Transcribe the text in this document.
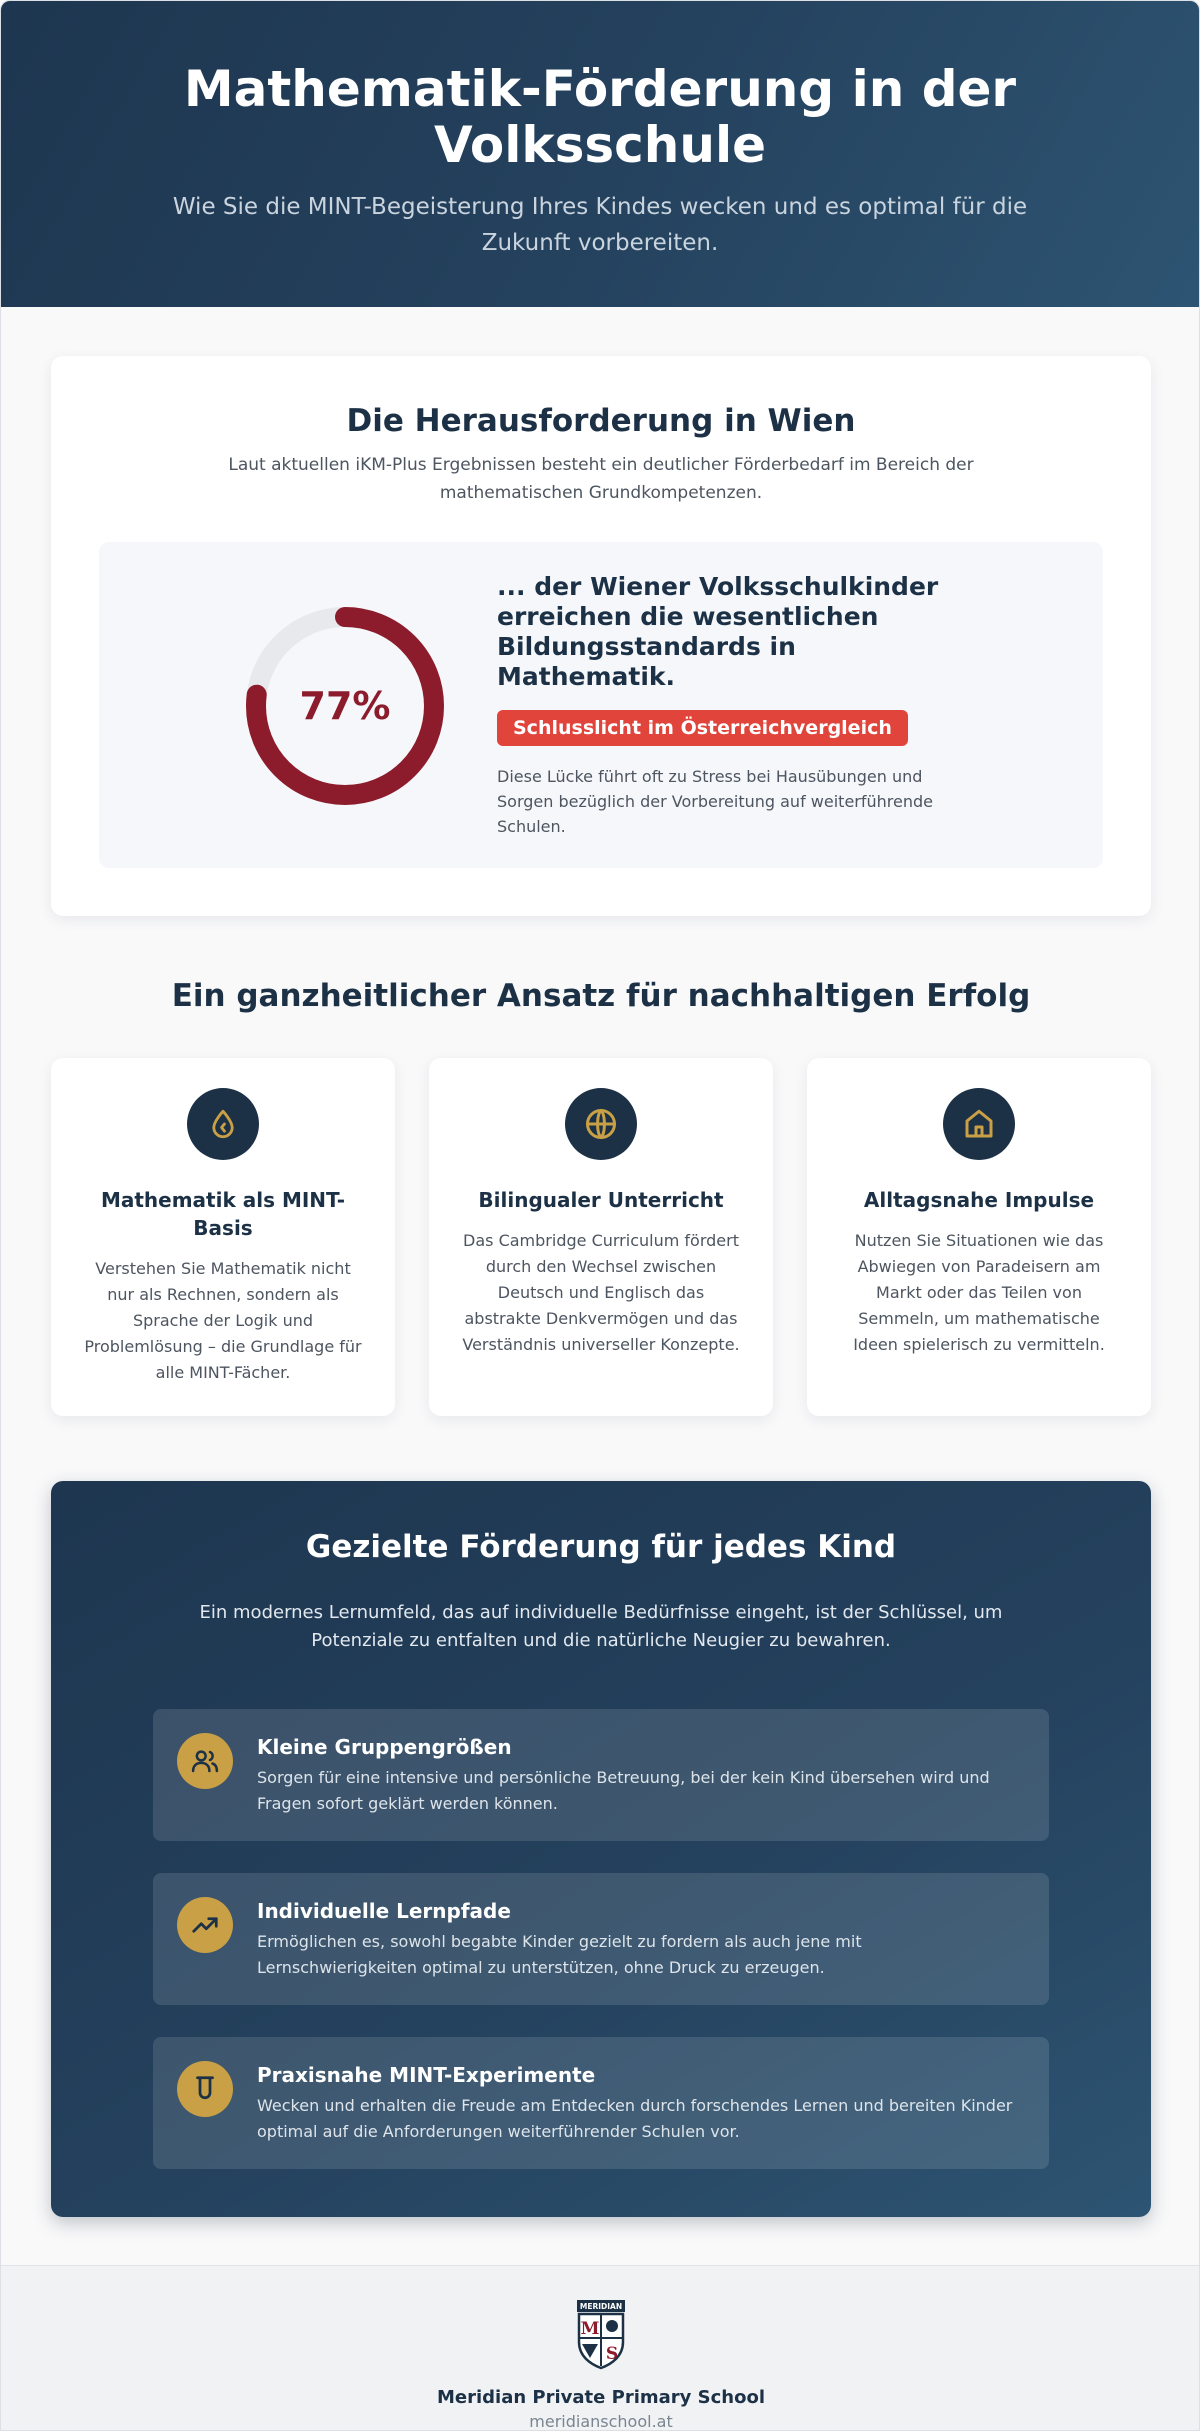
Mathematik-Förderung in der Volksschule

Wie Sie die MINT-Begeisterung Ihres Kindes wecken und es optimal für die Zukunft vorbereiten.

Die Herausforderung in Wien

Laut aktuellen iKM-Plus Ergebnissen besteht ein deutlicher Förderbedarf im Bereich der mathematischen Grundkompetenzen.

77%
... der Wiener Volksschulkinder erreichen die wesentlichen Bildungsstandards in Mathematik.
Schlusslicht im Österreichvergleich

Diese Lücke führt oft zu Stress bei Hausübungen und Sorgen bezüglich der Vorbereitung auf weiterführende Schulen.

Ein ganzheitlicher Ansatz für nachhaltigen Erfolg
Mathematik als MINT-Basis

Verstehen Sie Mathematik nicht nur als Rechnen, sondern als Sprache der Logik und Problemlösung – die Grundlage für alle MINT-Fächer.

Bilingualer Unterricht

Das Cambridge Curriculum fördert durch den Wechsel zwischen Deutsch und Englisch das abstrakte Denkvermögen und das Verständnis universeller Konzepte.

Alltagsnahe Impulse

Nutzen Sie Situationen wie das Abwiegen von Paradeisern am Markt oder das Teilen von Semmeln, um mathematische Ideen spielerisch zu vermitteln.

Gezielte Förderung für jedes Kind

Ein modernes Lernumfeld, das auf individuelle Bedürfnisse eingeht, ist der Schlüssel, um Potenziale zu entfalten und die natürliche Neugier zu bewahren.

Kleine Gruppengrößen

Sorgen für eine intensive und persönliche Betreuung, bei der kein Kind übersehen wird und Fragen sofort geklärt werden können.

Individuelle Lernpfade

Ermöglichen es, sowohl begabte Kinder gezielt zu fordern als auch jene mit Lernschwierigkeiten optimal zu unterstützen, ohne Druck zu erzeugen.

Praxisnahe MINT-Experimente

Wecken und erhalten die Freude am Entdecken durch forschendes Lernen und bereiten Kinder optimal auf die Anforderungen weiterführender Schulen vor.

MERIDIAN
M
S
Meridian Private Primary School
meridianschool.at
